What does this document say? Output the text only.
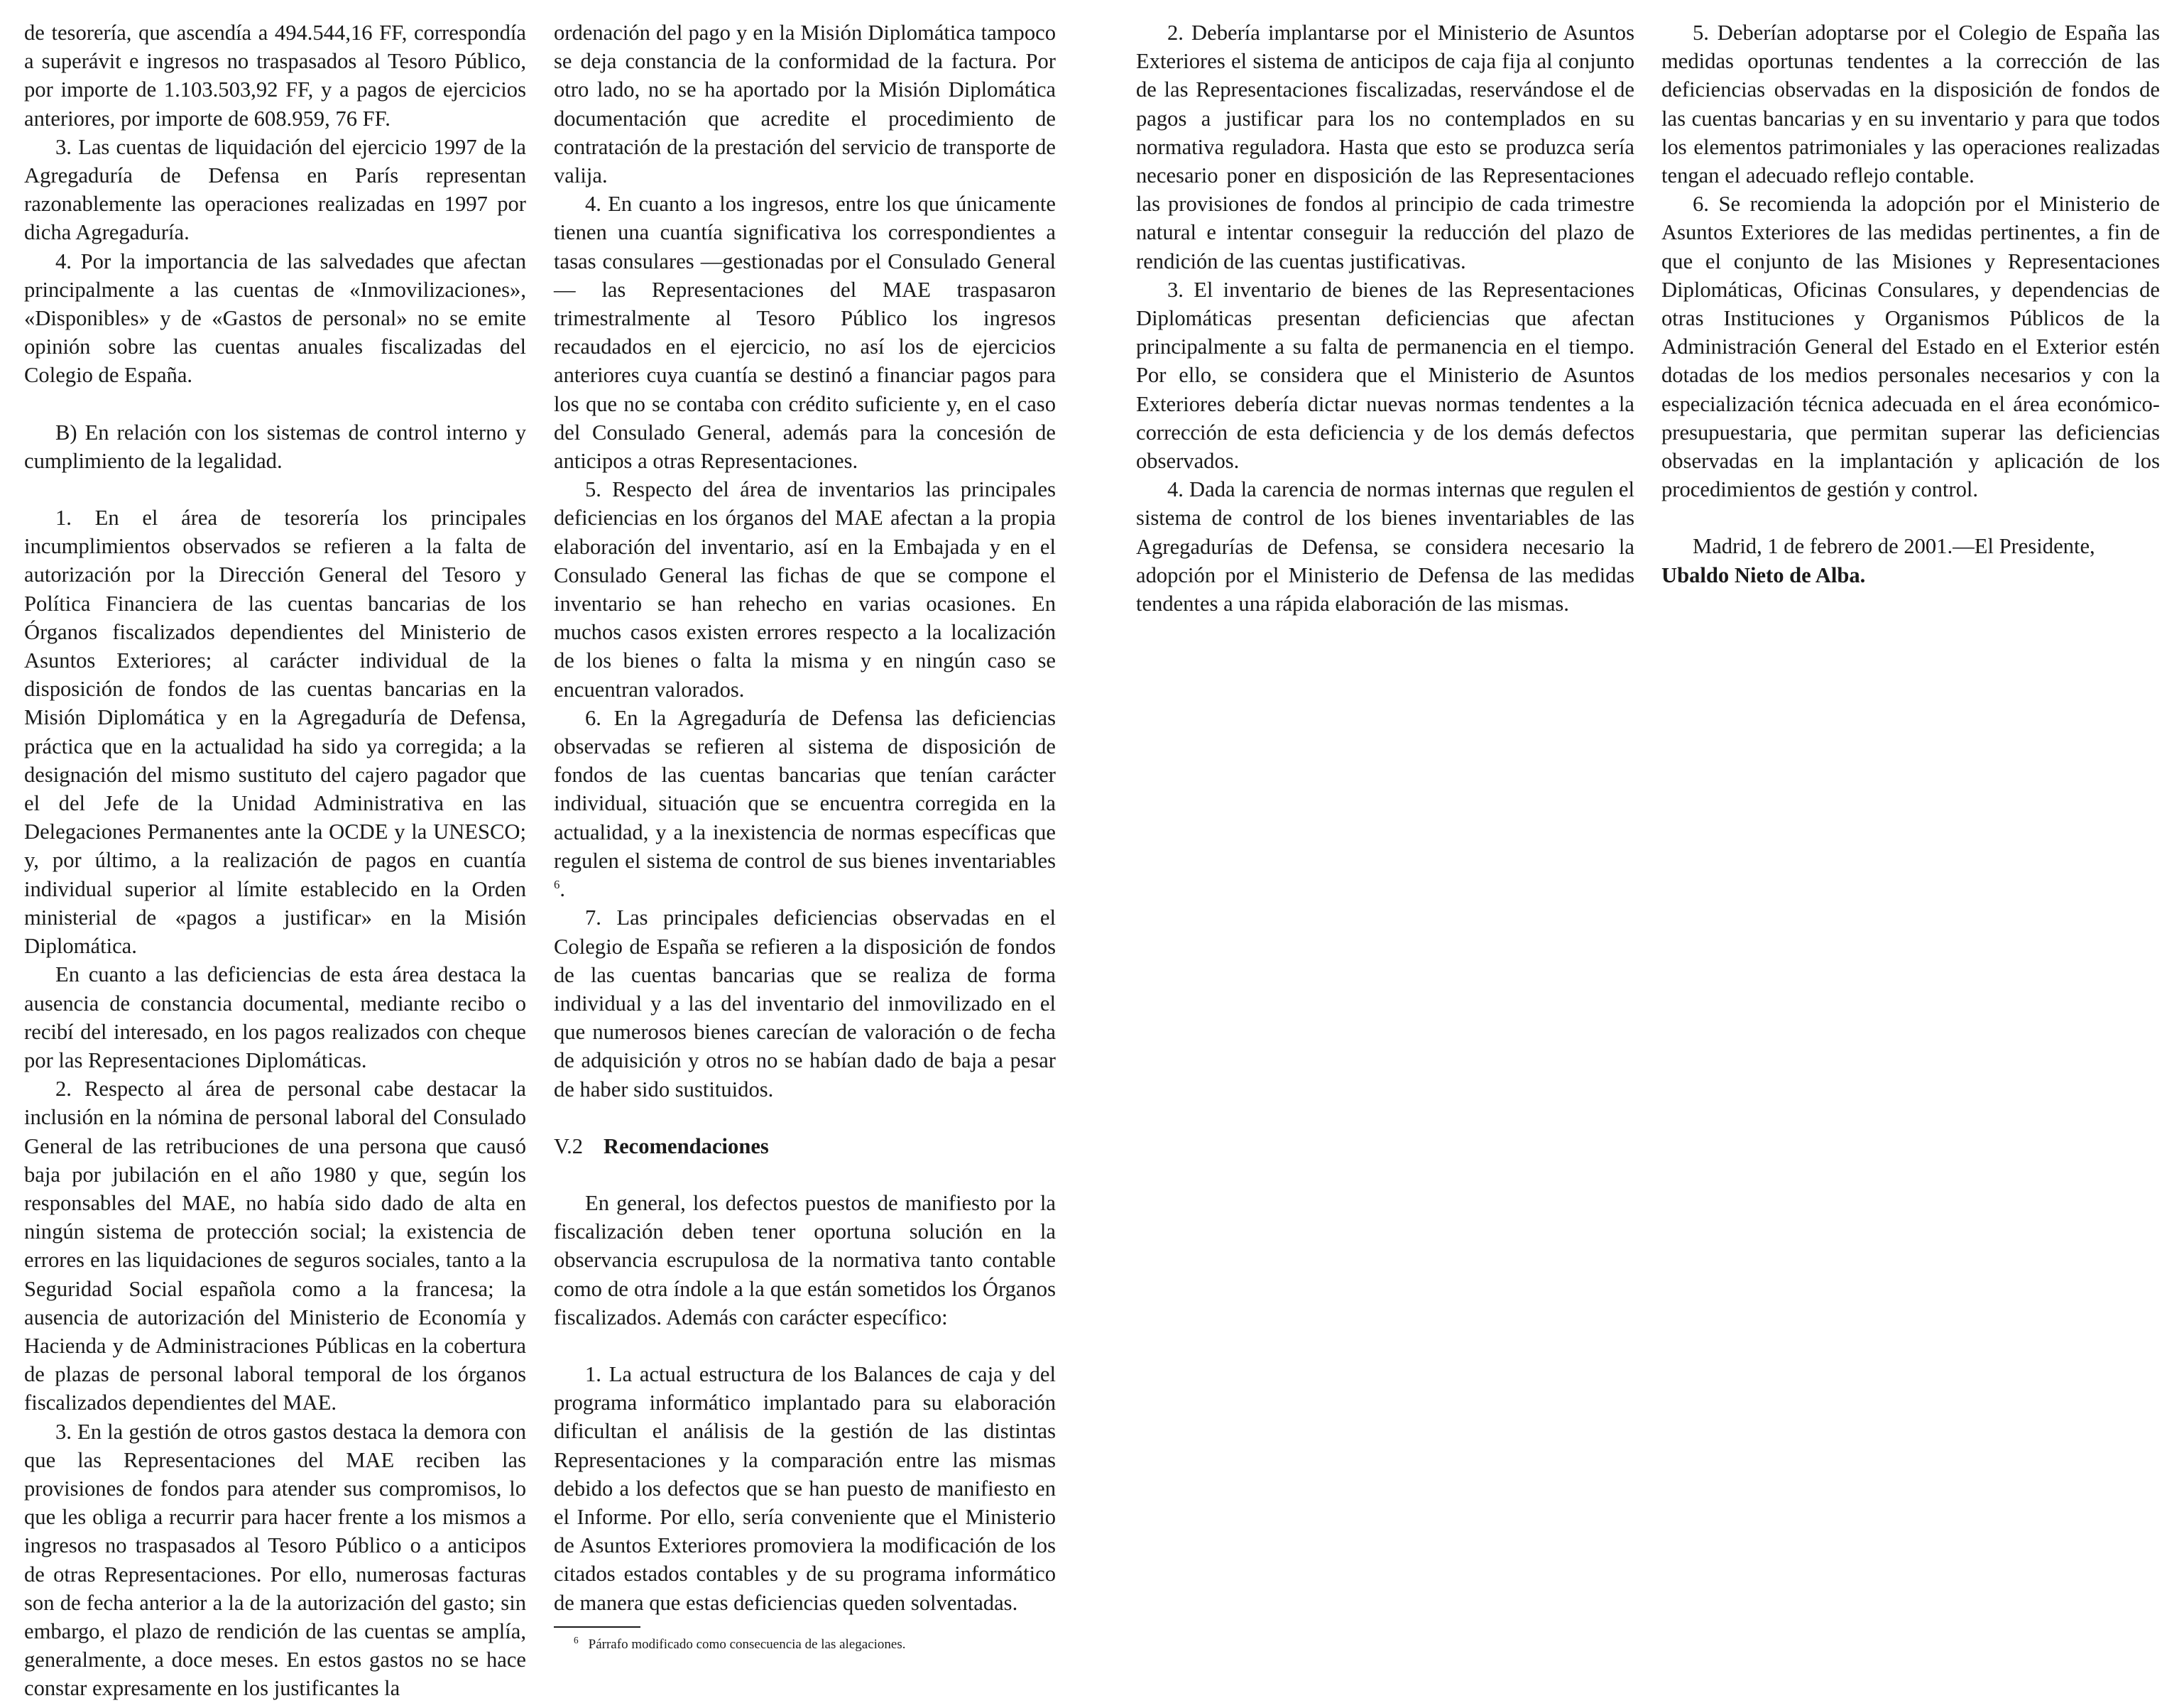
de tesorería, que ascendía a 494.544,16 FF, correspondía a superávit e ingresos no traspasados al Tesoro Público, por importe de 1.103.503,92 FF, y a pagos de ejercicios anteriores, por importe de 608.959, 76 FF.

3. Las cuentas de liquidación del ejercicio 1997 de la Agregaduría de Defensa en París representan razonablemente las operaciones realizadas en 1997 por dicha Agregaduría.

4. Por la importancia de las salvedades que afectan principalmente a las cuentas de «Inmovilizaciones», «Disponibles» y de «Gastos de personal» no se emite opinión sobre las cuentas anuales fiscalizadas del Colegio de España.

B) En relación con los sistemas de control interno y cumplimiento de la legalidad.

1. En el área de tesorería los principales incumplimientos observados se refieren a la falta de autorización por la Dirección General del Tesoro y Política Financiera de las cuentas bancarias de los Órganos fiscalizados dependientes del Ministerio de Asuntos Exteriores; al carácter individual de la disposición de fondos de las cuentas bancarias en la Misión Diplomática y en la Agregaduría de Defensa, práctica que en la actualidad ha sido ya corregida; a la designación del mismo sustituto del cajero pagador que el del Jefe de la Unidad Administrativa en las Delegaciones Permanentes ante la OCDE y la UNESCO; y, por último, a la realización de pagos en cuantía individual superior al límite establecido en la Orden ministerial de «pagos a justificar» en la Misión Diplomática.

En cuanto a las deficiencias de esta área destaca la ausencia de constancia documental, mediante recibo o recibí del interesado, en los pagos realizados con cheque por las Representaciones Diplomáticas.

2. Respecto al área de personal cabe destacar la inclusión en la nómina de personal laboral del Consulado General de las retribuciones de una persona que causó baja por jubilación en el año 1980 y que, según los responsables del MAE, no había sido dado de alta en ningún sistema de protección social; la existencia de errores en las liquidaciones de seguros sociales, tanto a la Seguridad Social española como a la francesa; la ausencia de autorización del Ministerio de Economía y Hacienda y de Administraciones Públicas en la cobertura de plazas de personal laboral temporal de los órganos fiscalizados dependientes del MAE.

3. En la gestión de otros gastos destaca la demora con que las Representaciones del MAE reciben las provisiones de fondos para atender sus compromisos, lo que les obliga a recurrir para hacer frente a los mismos a ingresos no traspasados al Tesoro Público o a anticipos de otras Representaciones. Por ello, numerosas facturas son de fecha anterior a la de la autorización del gasto; sin embargo, el plazo de rendición de las cuentas se amplía, generalmente, a doce meses. En estos gastos no se hace constar expresamente en los justificantes la

ordenación del pago y en la Misión Diplomática tampoco se deja constancia de la conformidad de la factura. Por otro lado, no se ha aportado por la Misión Diplomática documentación que acredite el procedimiento de contratación de la prestación del servicio de transporte de valija.

4. En cuanto a los ingresos, entre los que únicamente tienen una cuantía significativa los correspondientes a tasas consulares —gestionadas por el Consulado General— las Representaciones del MAE traspasaron trimestralmente al Tesoro Público los ingresos recaudados en el ejercicio, no así los de ejercicios anteriores cuya cuantía se destinó a financiar pagos para los que no se contaba con crédito suficiente y, en el caso del Consulado General, además para la concesión de anticipos a otras Representaciones.

5. Respecto del área de inventarios las principales deficiencias en los órganos del MAE afectan a la propia elaboración del inventario, así en la Embajada y en el Consulado General las fichas de que se compone el inventario se han rehecho en varias ocasiones. En muchos casos existen errores respecto a la localización de los bienes o falta la misma y en ningún caso se encuentran valorados.

6. En la Agregaduría de Defensa las deficiencias observadas se refieren al sistema de disposición de fondos de las cuentas bancarias que tenían carácter individual, situación que se encuentra corregida en la actualidad, y a la inexistencia de normas específicas que regulen el sistema de control de sus bienes inventariables $^6$.

7. Las principales deficiencias observadas en el Colegio de España se refieren a la disposición de fondos de las cuentas bancarias que se realiza de forma individual y a las del inventario del inmovilizado en el que numerosos bienes carecían de valoración o de fecha de adquisición y otros no se habían dado de baja a pesar de haber sido sustituidos.

V.2 Recomendaciones

En general, los defectos puestos de manifiesto por la fiscalización deben tener oportuna solución en la observancia escrupulosa de la normativa tanto contable como de otra índole a la que están sometidos los Órganos fiscalizados. Además con carácter específico:

1. La actual estructura de los Balances de caja y del programa informático implantado para su elaboración dificultan el análisis de la gestión de las distintas Representaciones y la comparación entre las mismas debido a los defectos que se han puesto de manifiesto en el Informe. Por ello, sería conveniente que el Ministerio de Asuntos Exteriores promoviera la modificación de los citados estados contables y de su programa informático de manera que estas deficiencias queden solventadas.

2. Debería implantarse por el Ministerio de Asuntos Exteriores el sistema de anticipos de caja fija al conjunto de las Representaciones fiscalizadas, reservándose el de pagos a justificar para los no contemplados en su normativa reguladora. Hasta que esto se produzca sería necesario poner en disposición de las Representaciones las provisiones de fondos al principio de cada trimestre natural e intentar conseguir la reducción del plazo de rendición de las cuentas justificativas.

3. El inventario de bienes de las Representaciones Diplomáticas presentan deficiencias que afectan principalmente a su falta de permanencia en el tiempo. Por ello, se considera que el Ministerio de Asuntos Exteriores debería dictar nuevas normas tendentes a la corrección de esta deficiencia y de los demás defectos observados.

4. Dada la carencia de normas internas que regulen el sistema de control de los bienes inventariables de las Agregadurías de Defensa, se considera necesario la adopción por el Ministerio de Defensa de las medidas tendentes a una rápida elaboración de las mismas.

5. Deberían adoptarse por el Colegio de España las medidas oportunas tendentes a la corrección de las deficiencias observadas en la disposición de fondos de las cuentas bancarias y en su inventario y para que todos los elementos patrimoniales y las operaciones realizadas tengan el adecuado reflejo contable.

6. Se recomienda la adopción por el Ministerio de Asuntos Exteriores de las medidas pertinentes, a fin de que el conjunto de las Misiones y Representaciones Diplomáticas, Oficinas Consulares, y dependencias de otras Instituciones y Organismos Públicos de la Administración General del Estado en el Exterior estén dotadas de los medios personales necesarios y con la especialización técnica adecuada en el área económico-presupuestaria, que permitan superar las deficiencias observadas en la implantación y aplicación de los procedimientos de gestión y control.

Madrid, 1 de febrero de 2001.—El Presidente,

Ubaldo Nieto de Alba.

$^6$ Párrafo modificado como consecuencia de las alegaciones.
